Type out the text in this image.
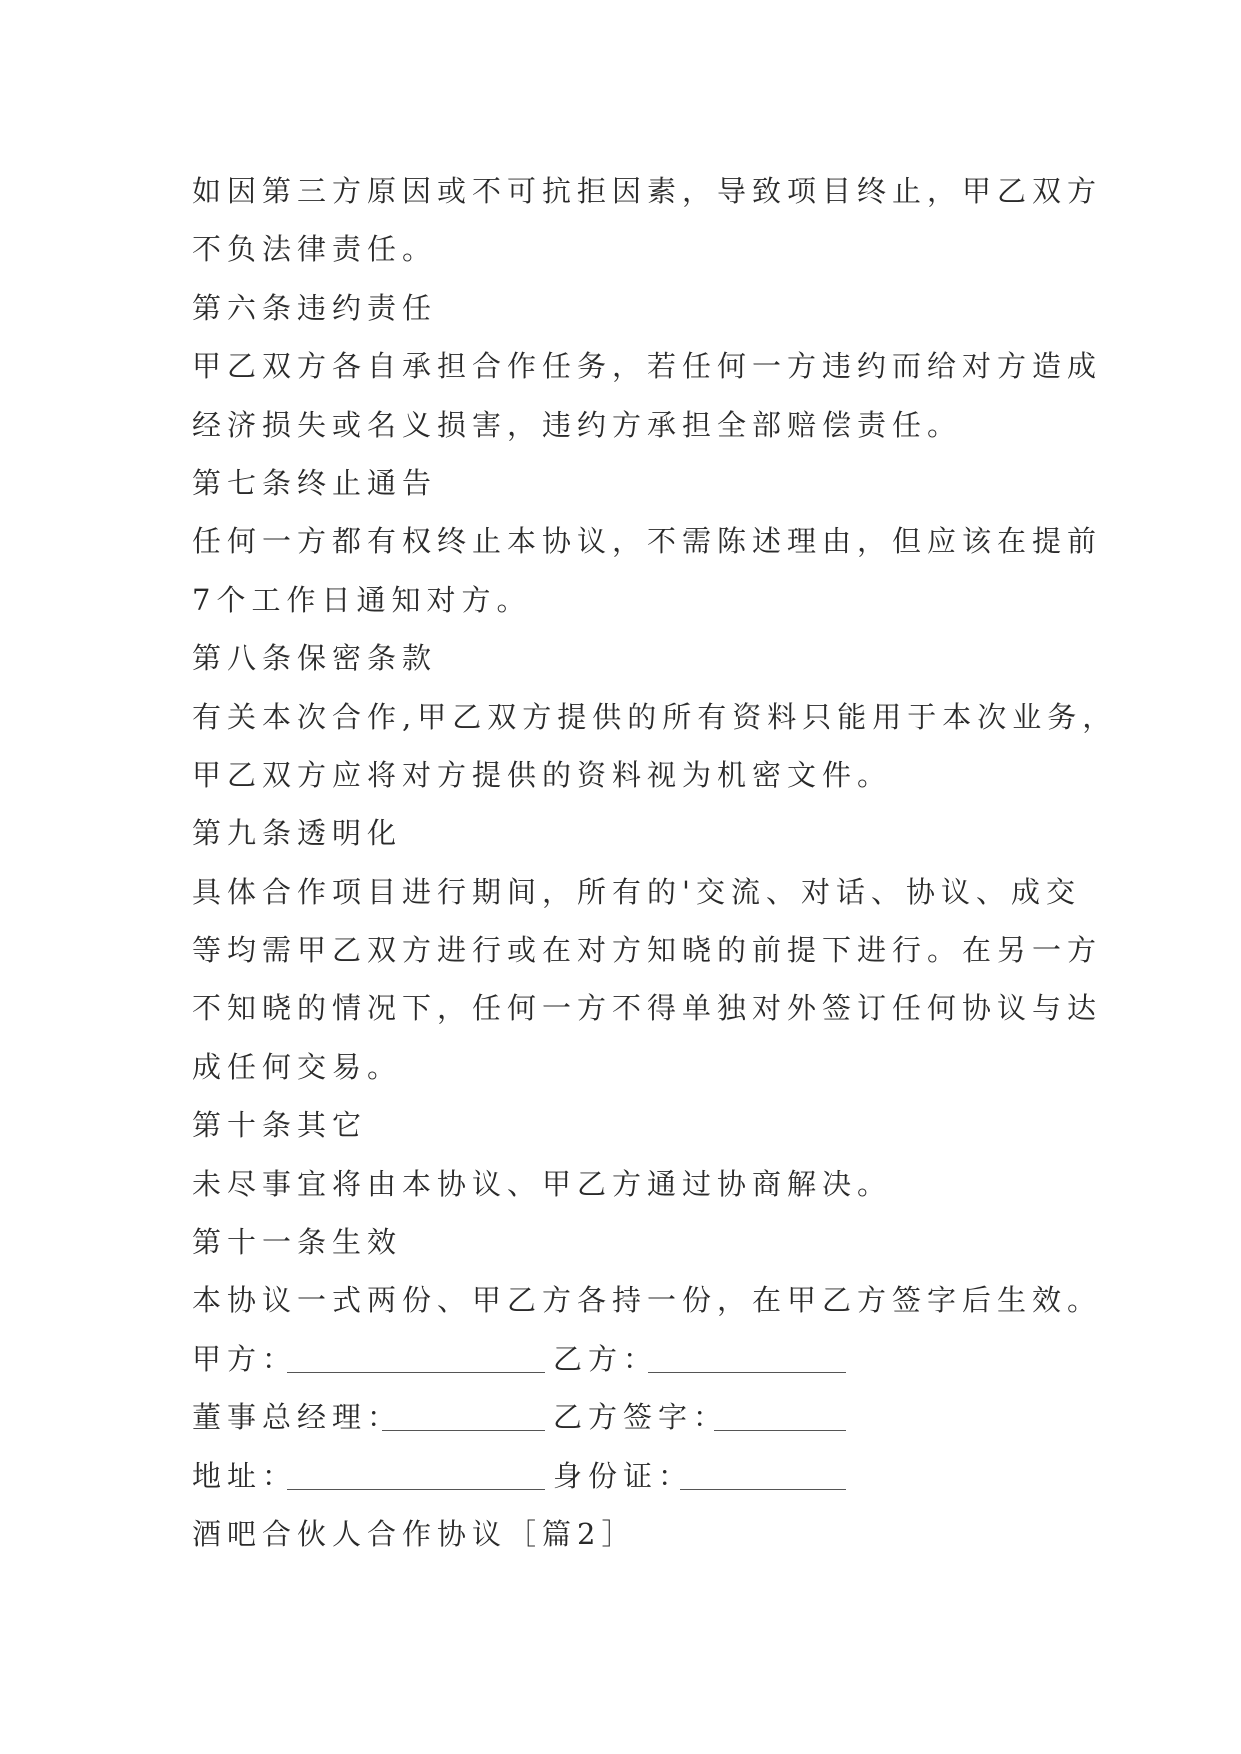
如因第三方原因或不可抗拒因素，导致项目终止，甲乙双方
不负法律责任。
第六条违约责任
甲乙双方各自承担合作任务，若任何一方违约而给对方造成
经济损失或名义损害，违约方承担全部赔偿责任。
第七条终止通告
任何一方都有权终止本协议，不需陈述理由，但应该在提前
7个工作日通知对方。
第八条保密条款
有关本次合作,甲乙双方提供的所有资料只能用于本次业务，
甲乙双方应将对方提供的资料视为机密文件。
第九条透明化
具体合作项目进行期间，所有的'交流、对话、协议、成交
等均需甲乙双方进行或在对方知晓的前提下进行。在另一方
不知晓的情况下，任何一方不得单独对外签订任何协议与达
成任何交易。
第十条其它
未尽事宜将由本协议、甲乙方通过协商解决。
第十一条生效
本协议一式两份、甲乙方各持一份，在甲乙方签字后生效。
甲方：	乙方：
董事总经理：	乙方签字：
地址：	身份证：
酒吧合伙人合作协议［篇2］
